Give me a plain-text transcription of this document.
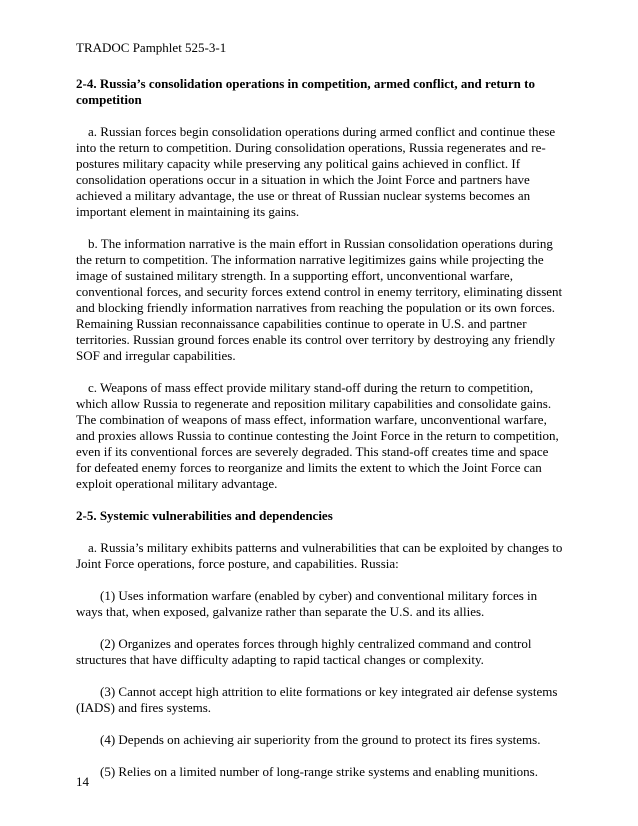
TRADOC Pamphlet 525-3-1
2-4. Russia’s consolidation operations in competition, armed conflict, and return to competition

a. Russian forces begin consolidation operations during armed conflict and continue these into the return to competition. During consolidation operations, Russia regenerates and re-postures military capacity while preserving any political gains achieved in conflict. If consolidation operations occur in a situation in which the Joint Force and partners have achieved a military advantage, the use or threat of Russian nuclear systems becomes an important element in maintaining its gains.

b. The information narrative is the main effort in Russian consolidation operations during the return to competition. The information narrative legitimizes gains while projecting the image of sustained military strength. In a supporting effort, unconventional warfare, conventional forces, and security forces extend control in enemy territory, eliminating dissent and blocking friendly information narratives from reaching the population or its own forces. Remaining Russian reconnaissance capabilities continue to operate in U.S. and partner territories. Russian ground forces enable its control over territory by destroying any friendly SOF and irregular capabilities.

c. Weapons of mass effect provide military stand-off during the return to competition, which allow Russia to regenerate and reposition military capabilities and consolidate gains. The combination of weapons of mass effect, information warfare, unconventional warfare, and proxies allows Russia to continue contesting the Joint Force in the return to competition, even if its conventional forces are severely degraded. This stand-off creates time and space for defeated enemy forces to reorganize and limits the extent to which the Joint Force can exploit operational military advantage.

2-5. Systemic vulnerabilities and dependencies

a. Russia’s military exhibits patterns and vulnerabilities that can be exploited by changes to Joint Force operations, force posture, and capabilities. Russia:

(1) Uses information warfare (enabled by cyber) and conventional military forces in ways that, when exposed, galvanize rather than separate the U.S. and its allies.

(2) Organizes and operates forces through highly centralized command and control structures that have difficulty adapting to rapid tactical changes or complexity.

(3) Cannot accept high attrition to elite formations or key integrated air defense systems (IADS) and fires systems.

(4) Depends on achieving air superiority from the ground to protect its fires systems.

(5) Relies on a limited number of long-range strike systems and enabling munitions.

14
